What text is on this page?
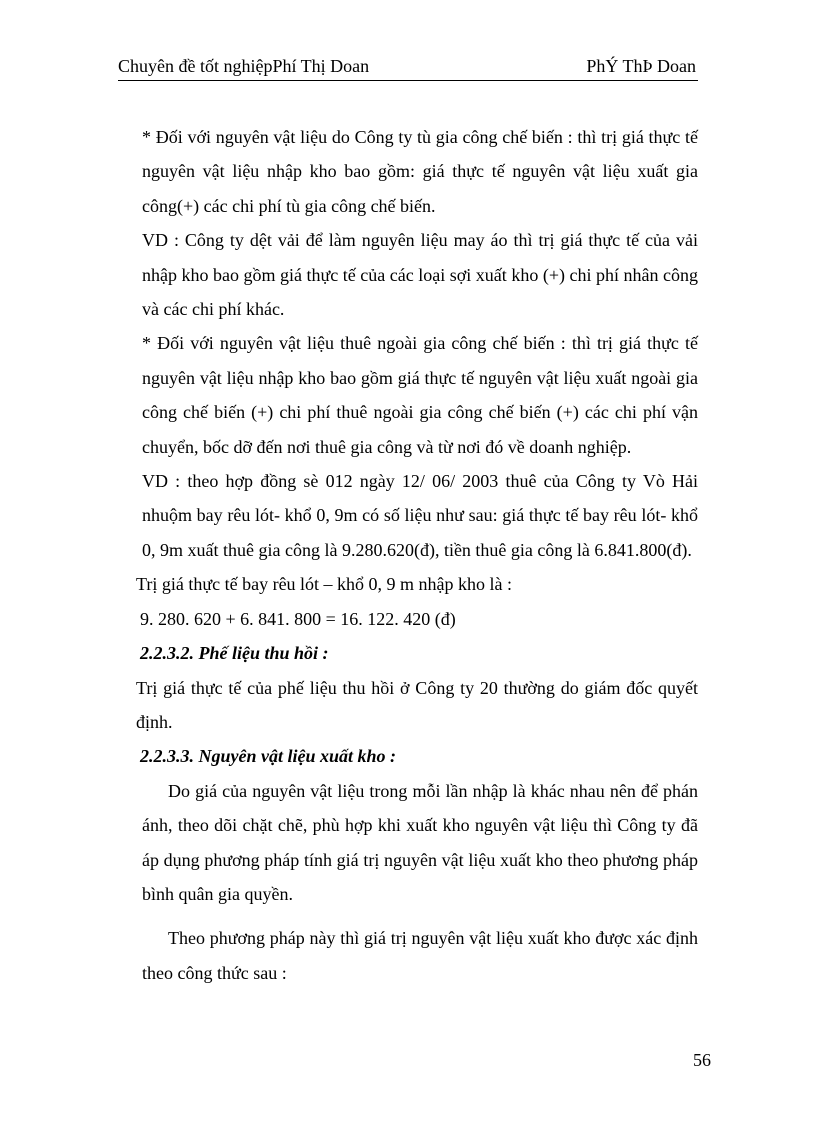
Chuyên đề tốt nghiệpPhí Thị Doan	PhÝ ThÞ Doan

* Đối với nguyên vật liệu do Công ty tù gia công chế biến : thì trị giá thực tế nguyên vật liệu nhập kho bao gồm: giá thực tế nguyên vật liệu xuất gia công(+) các chi phí tù gia công chế biến.

VD : Công ty dệt vải để làm nguyên liệu may áo thì trị giá thực tế của vải nhập kho bao gồm giá thực tế của các loại sợi xuất kho (+) chi phí nhân công và các chi phí khác.

* Đối với nguyên vật liệu thuê ngoài gia công chế biến : thì trị giá thực tế nguyên vật liệu nhập kho bao gồm giá thực tế nguyên vật liệu xuất ngoài gia công chế biến (+) chi phí thuê ngoài gia công chế biến (+) các chi phí vận chuyển, bốc dỡ đến nơi thuê gia công và từ nơi đó về doanh nghiệp.

VD : theo hợp đồng sè 012 ngày 12/ 06/ 2003 thuê của Công ty Vò Hải nhuộm bay rêu lót- khổ 0, 9m có số liệu như sau: giá thực tế bay rêu lót- khổ 0, 9m xuất thuê gia công là 9.280.620(đ), tiền thuê gia công là 6.841.800(đ).

Trị giá thực tế bay rêu lót – khổ 0, 9 m nhập kho là :

9. 280. 620 + 6. 841. 800 = 16. 122. 420 (đ)

2.2.3.2. Phế liệu thu hồi :

Trị giá thực tế của phế liệu thu hồi ở Công ty 20 thường do giám đốc quyết định.

2.2.3.3. Nguyên vật liệu xuất kho :

Do giá của nguyên vật liệu trong mỗi lần nhập là khác nhau nên để phán ánh, theo dõi chặt chẽ, phù hợp khi xuất kho nguyên vật liệu thì Công ty đã áp dụng phương pháp tính giá trị nguyên vật liệu xuất kho theo phương pháp bình quân gia quyền.

Theo phương pháp này thì giá trị nguyên vật liệu xuất kho được xác định theo công thức sau :

56
